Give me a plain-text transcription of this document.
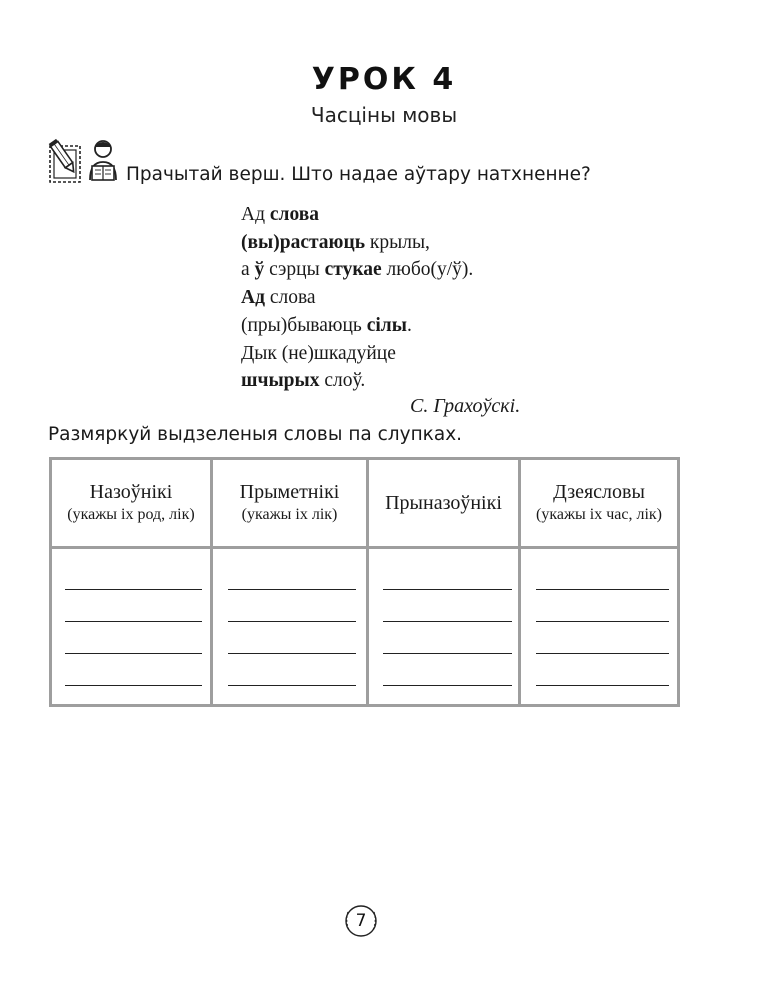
УРОК 4
Часціны мовы
Прачытай верш. Што надае аўтару натхненне?
Ад слова
(вы)растаюць крылы,
а ў сэрцы стукае любо(у/ў).
Ад слова
(пры)бываюць сілы.
Дык (не)шкадуйце
шчырых слоў.
С. Грахоўскі.
Размяркуй выдзеленыя словы па слупках.
Назоўнікі
(укажы іх род, лік)
Прыметнікі
(укажы іх лік)
Прыназоўнікі	Дзеясловы
(укажы іх час, лік)
7
